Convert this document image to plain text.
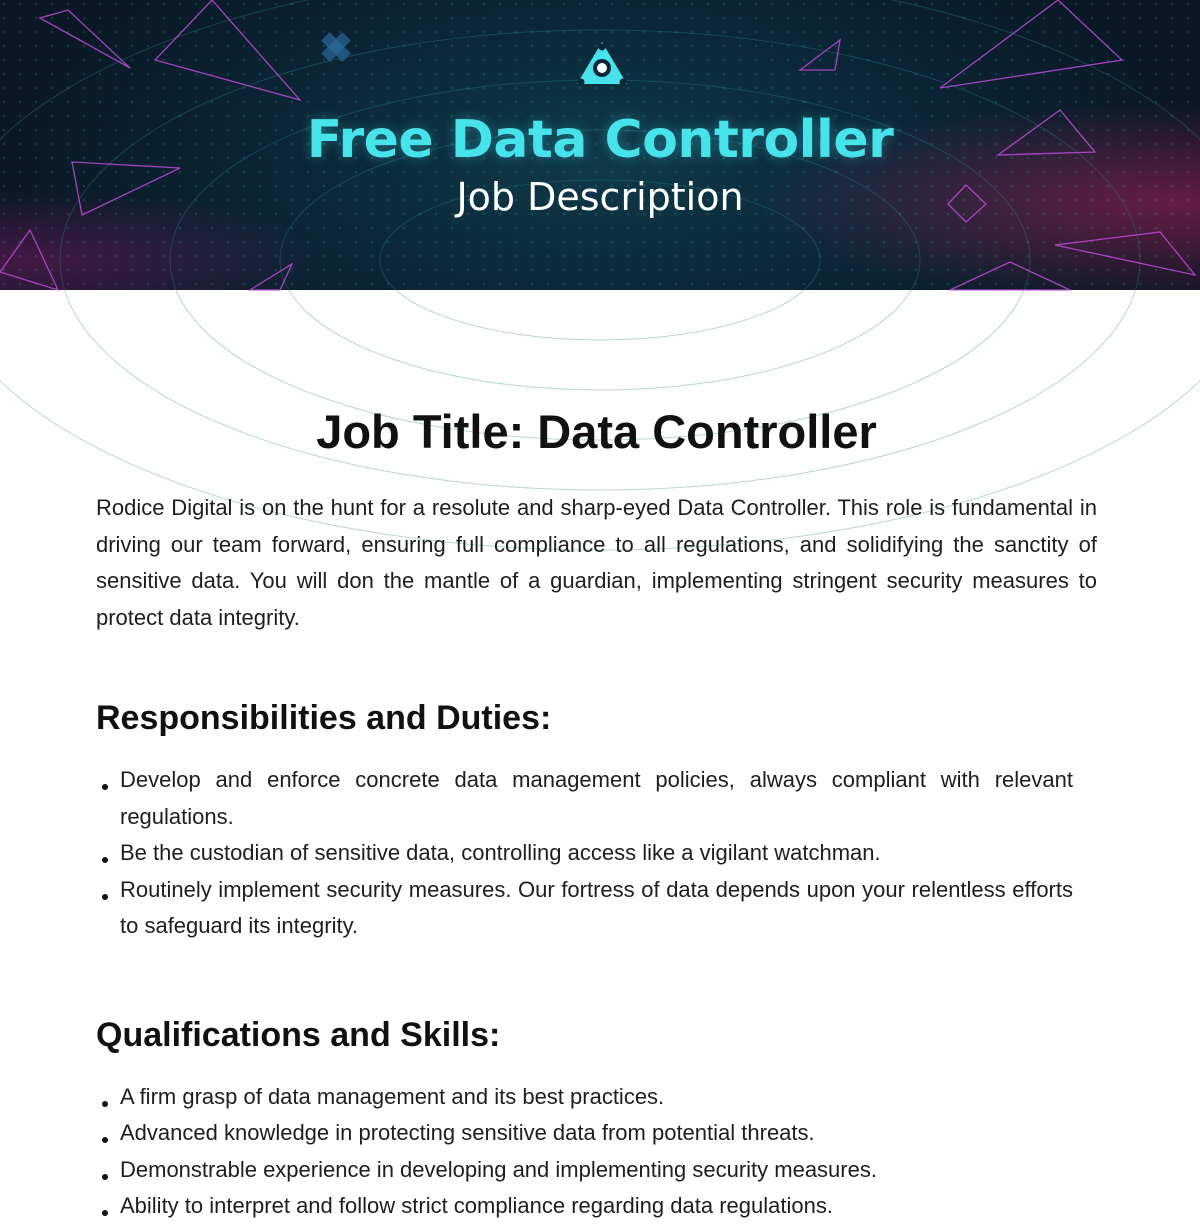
Free Data Controller
Job Description
Job Title: Data Controller

Rodice Digital is on the hunt for a resolute and sharp-eyed Data Controller. This role is fundamental in driving our team forward, ensuring full compliance to all regulations, and solidifying the sanctity of sensitive data. You will don the mantle of a guardian, implementing stringent security measures to protect data integrity.

Responsibilities and Duties:
Develop and enforce concrete data management policies, always compliant with relevant regulations.
Be the custodian of sensitive data, controlling access like a vigilant watchman.
Routinely implement security measures. Our fortress of data depends upon your relentless efforts to safeguard its integrity.
Qualifications and Skills:
A firm grasp of data management and its best practices.
Advanced knowledge in protecting sensitive data from potential threats.
Demonstrable experience in developing and implementing security measures.
Ability to interpret and follow strict compliance regarding data regulations.
